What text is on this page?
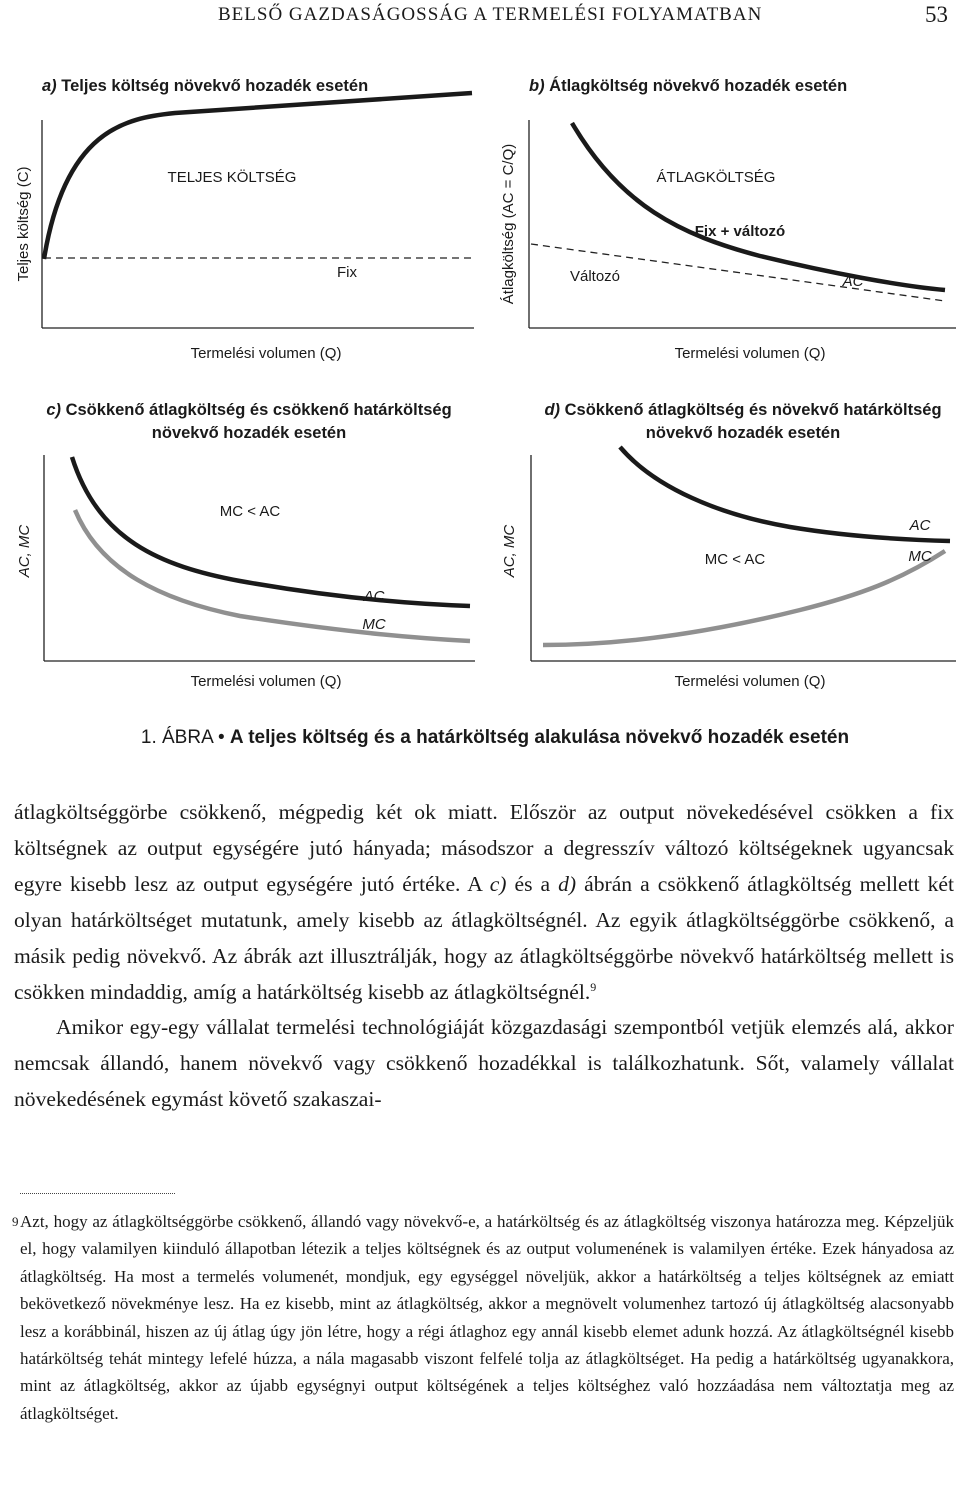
BELSŐ GAZDASÁGOSSÁG A TERMELÉSI FOLYAMATBAN	53
a) Teljes költség növekvő hozadék esetén
TELJES KÖLTSÉG
Fix
Teljes költség (C)
Termelési volumen (Q)
b) Átlagköltség növekvő hozadék esetén
ÁTLAGKÖLTSÉG
Fix + változó
Változó	AC
Átlagköltség (AC = C/Q)
Termelési volumen (Q)
c) Csökkenő átlagköltség és csökkenő határköltség
növekvő hozadék esetén
MC < AC
AC
MC
AC, MC
Termelési volumen (Q)
d) Csökkenő átlagköltség és növekvő határköltség
növekvő hozadék esetén
AC
MC
MC < AC
AC, MC
Termelési volumen (Q)
1. ÁBRA • A teljes költség és a határköltség alakulása növekvő hozadék esetén

átlagköltséggörbe csökkenő, mégpedig két ok miatt. Először az output növekedésével csökken a fix költségnek az output egységére jutó hányada; másodszor a degresszív változó költségeknek ugyancsak egyre kisebb lesz az output egységére jutó értéke. A c) és a d) ábrán a csökkenő átlagköltség mellett két olyan határköltséget mutatunk, amely kisebb az átlagköltségnél. Az egyik átlagköltséggörbe csökkenő, a másik pedig növekvő. Az ábrák azt illusztrálják, hogy az átlagköltséggörbe növekvő határköltség mellett is csökken mindaddig, amíg a határköltség kisebb az átlagköltségnél.$^9$

Amikor egy-egy vállalat termelési technológiáját közgazdasági szempontból vetjük elemzés alá, akkor nemcsak állandó, hanem növekvő vagy csökkenő hozadékkal is találkozhatunk. Sőt, valamely vállalat növekedésének egymást követő szakaszai-

9 Azt, hogy az átlagköltséggörbe csökkenő, állandó vagy növekvő-e, a határköltség és az átlagköltség viszonya határozza meg. Képzeljük el, hogy valamilyen kiinduló állapotban létezik a teljes költségnek és az output volumenének is valamilyen értéke. Ezek hányadosa az átlagköltség. Ha most a termelés volumenét, mondjuk, egy egységgel növeljük, akkor a határköltség a teljes költségnek az emiatt bekövetkező növekménye lesz. Ha ez kisebb, mint az átlagköltség, akkor a megnövelt volumenhez tartozó új átlagköltség alacsonyabb lesz a korábbinál, hiszen az új átlag úgy jön létre, hogy a régi átlaghoz egy annál kisebb elemet adunk hozzá. Az átlagköltségnél kisebb határköltség tehát mintegy lefelé húzza, a nála magasabb viszont felfelé tolja az átlagköltséget. Ha pedig a határköltség ugyanakkora, mint az átlagköltség, akkor az újabb egységnyi output költségének a teljes költséghez való hozzáadása nem változtatja meg az átlagköltséget.
